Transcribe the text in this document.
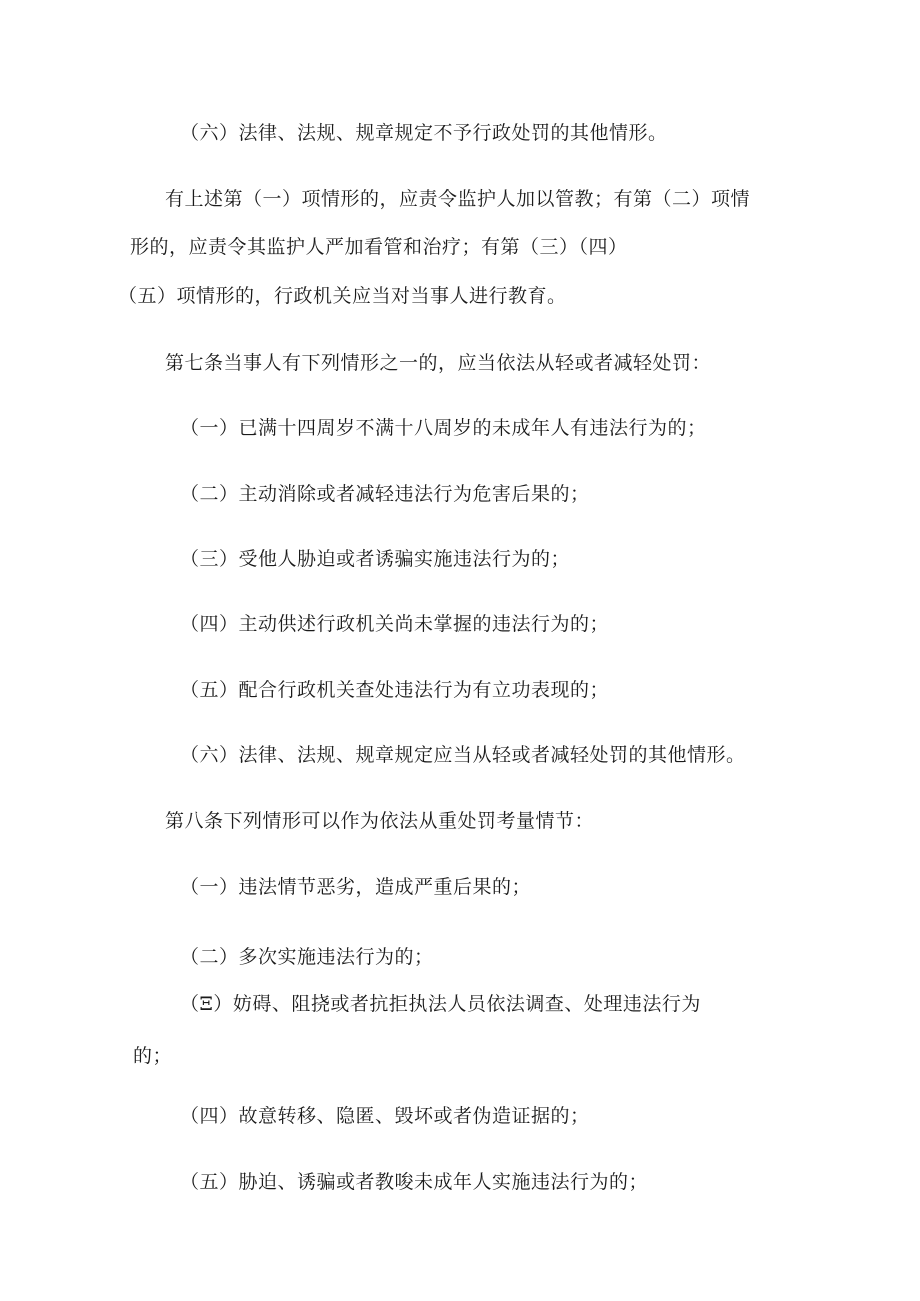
（六）法律、法规、规章规定不予行政处罚的其他情形。
有上述第（一）项情形的，应责令监护人加以管教；有第（二）项情
形的，应责令其监护人严加看管和治疗；有第（三）（四）
（五）项情形的，行政机关应当对当事人进行教育。
第七条当事人有下列情形之一的，应当依法从轻或者减轻处罚：
（一）已满十四周岁不满十八周岁的未成年人有违法行为的；
（二）主动消除或者减轻违法行为危害后果的；
（三）受他人胁迫或者诱骗实施违法行为的；
（四）主动供述行政机关尚未掌握的违法行为的；
（五）配合行政机关查处违法行为有立功表现的；
（六）法律、法规、规章规定应当从轻或者减轻处罚的其他情形。
第八条下列情形可以作为依法从重处罚考量情节：
（一）违法情节恶劣，造成严重后果的；
（二）多次实施违法行为的；
（Ξ）妨碍、阻挠或者抗拒执法人员依法调查、处理违法行为
的；
（四）故意转移、隐匿、毁坏或者伪造证据的；
（五）胁迫、诱骗或者教唆未成年人实施违法行为的；
